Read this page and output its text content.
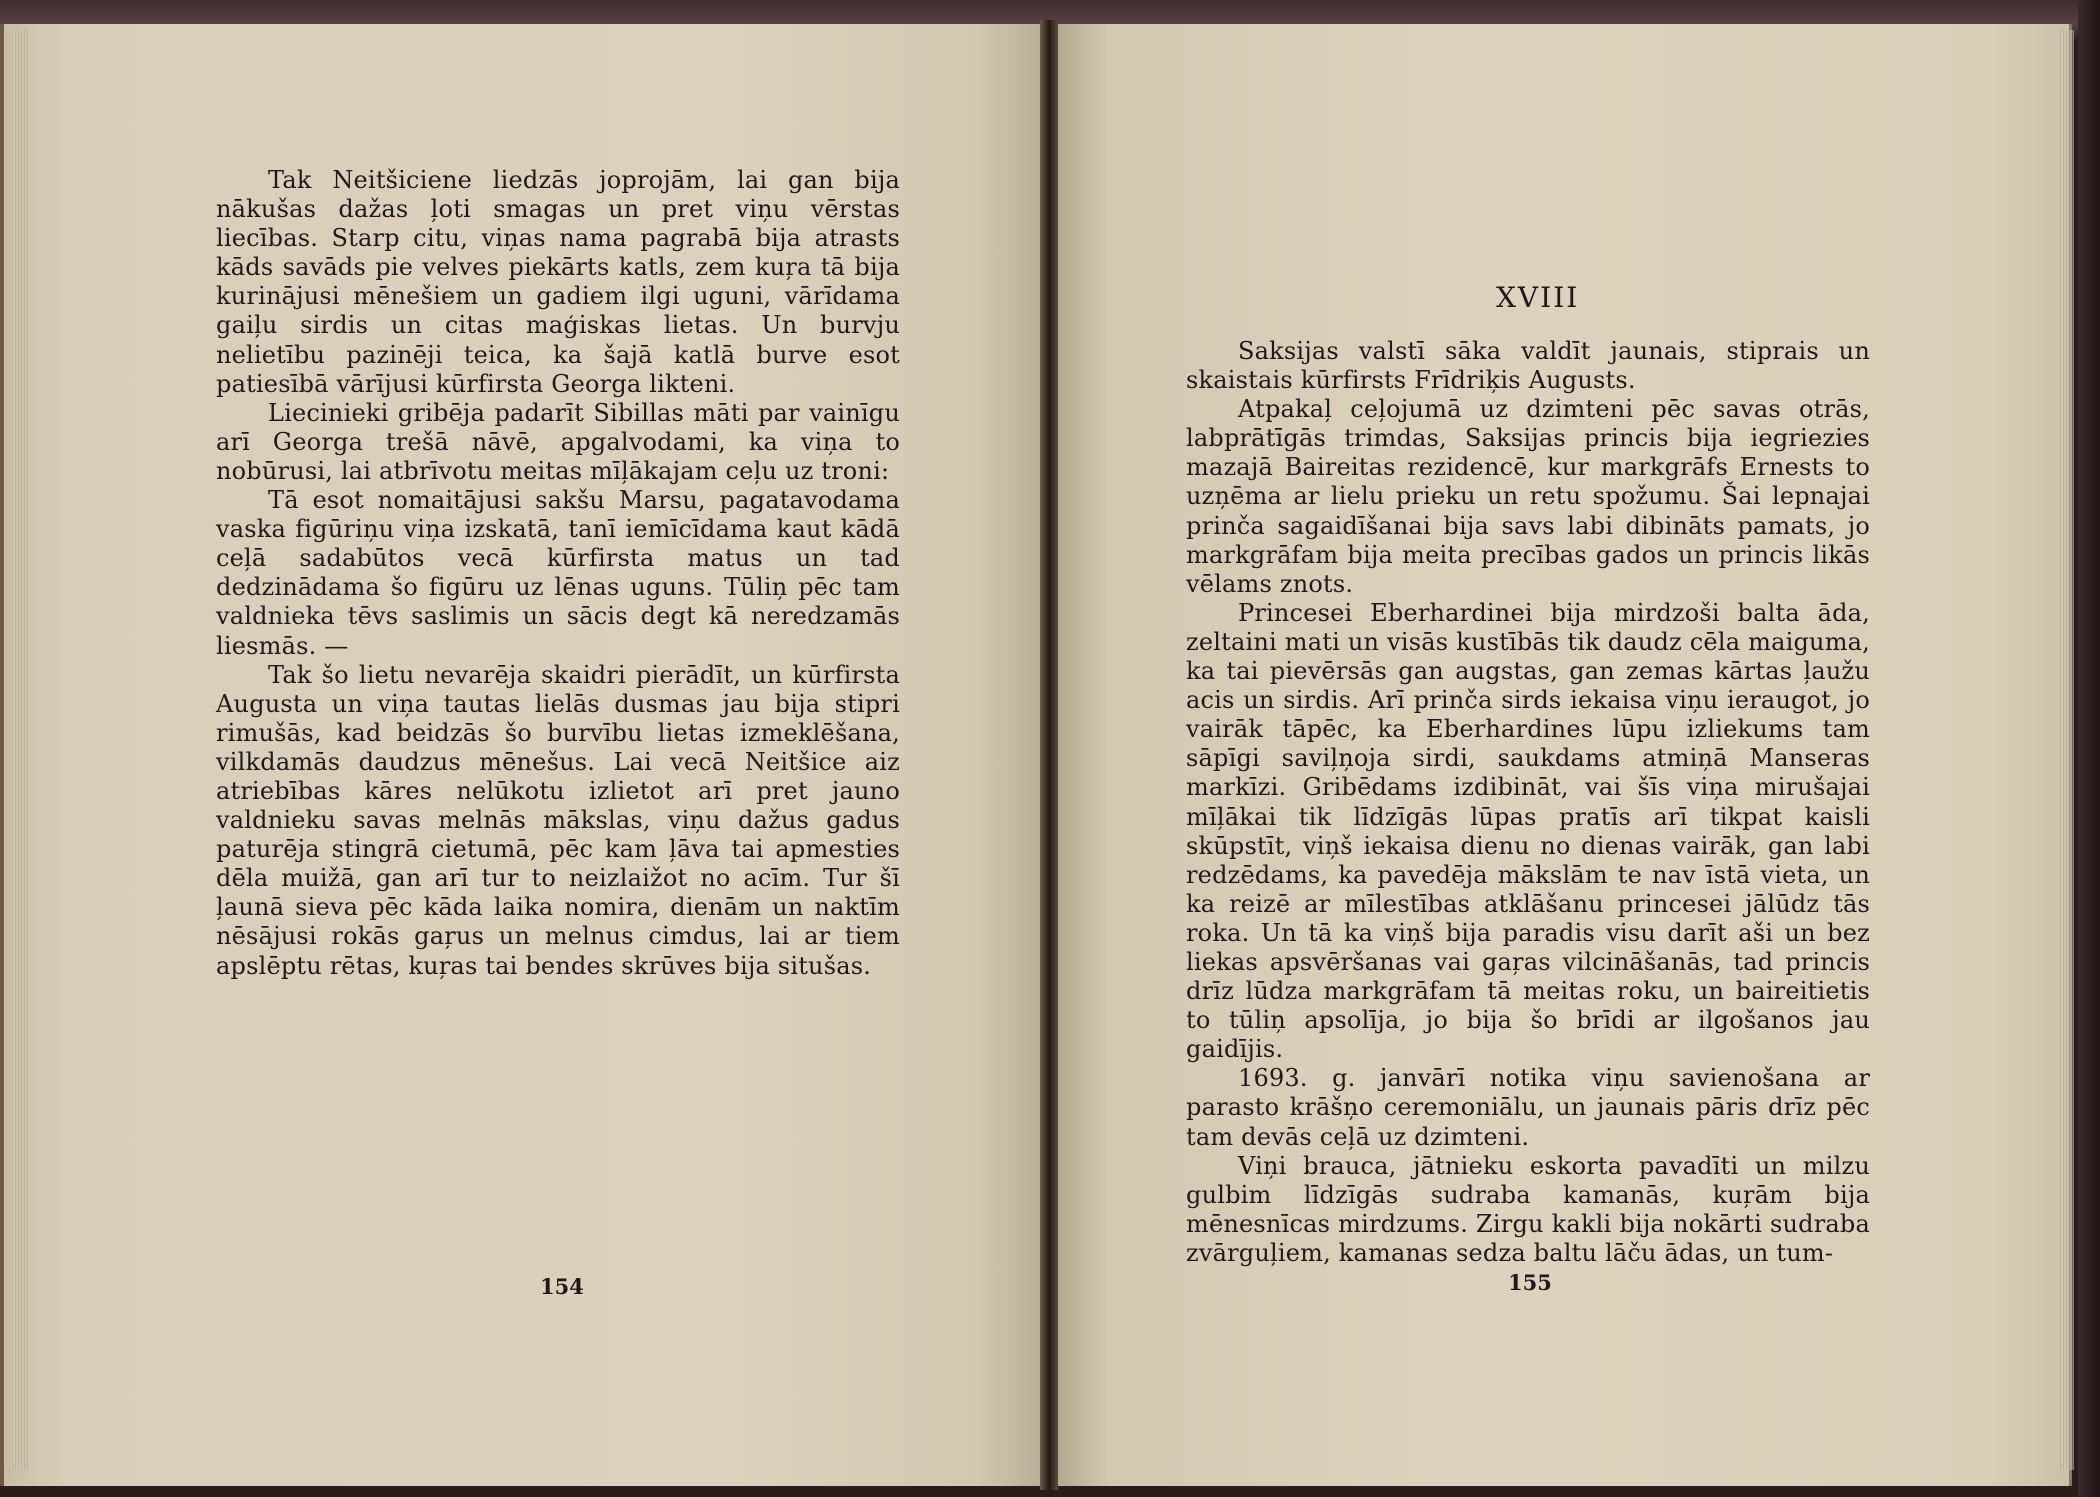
Tak Neitšiciene liedzās joprojām, lai gan bija nākušas dažas ļoti smagas un pret viņu vērstas liecības. Starp citu, viņas nama pagrabā bija atrasts kāds savāds pie velves piekārts katls, zem kuŗa tā bija kurinājusi mēnešiem un gadiem ilgi uguni, vārīdama gaiļu sirdis un citas maģiskas lietas. Un burvju nelietību pazinēji teica, ka šajā katlā burve esot patiesībā vārījusi kūrfirsta Georga likteni.

Liecinieki gribēja padarīt Sibillas māti par vainīgu arī Georga trešā nāvē, apgalvodami, ka viņa to nobūrusi, lai atbrīvotu meitas mīļākajam ceļu uz troni:

Tā esot nomaitājusi sakšu Marsu, pagatavodama vaska figūriņu viņa izskatā, tanī iemīcīdama kaut kādā ceļā sadabūtos vecā kūrfirsta matus un tad dedzinādama šo figūru uz lēnas uguns. Tūliņ pēc tam valdnieka tēvs saslimis un sācis degt kā neredzamās liesmās. —

Tak šo lietu nevarēja skaidri pierādīt, un kūrfirsta Augusta un viņa tautas lielās dusmas jau bija stipri rimušās, kad beidzās šo burvību lietas izmeklēšana, vilkdamās daudzus mēnešus. Lai vecā Neitšice aiz atriebības kāres nelūkotu izlietot arī pret jauno valdnieku savas melnās mākslas, viņu dažus gadus paturēja stingrā cietumā, pēc kam ļāva tai apmesties dēla muižā, gan arī tur to neizlaižot no acīm. Tur šī ļaunā sieva pēc kāda laika nomira, dienām un naktīm nēsājusi rokās gaŗus un melnus cimdus, lai ar tiem apslēptu rētas, kuŗas tai bendes skrūves bija situšas.

154
XVIII

Saksijas valstī sāka valdīt jaunais, stiprais un skaistais kūrfirsts Frīdriķis Augusts.

Atpakaļ ceļojumā uz dzimteni pēc savas otrās, labprātīgās trimdas, Saksijas princis bija iegriezies mazajā Baireitas rezidencē, kur markgrāfs Ernests to uzņēma ar lielu prieku un retu spožumu. Šai lepnajai prinča sagaidīšanai bija savs labi dibināts pamats, jo markgrāfam bija meita precības gados un princis likās vēlams znots.

Princesei Eberhardinei bija mirdzoši balta āda, zeltaini mati un visās kustībās tik daudz cēla maiguma, ka tai pievērsās gan augstas, gan zemas kārtas ļaužu acis un sirdis. Arī prinča sirds iekaisa viņu ieraugot, jo vairāk tāpēc, ka Eberhardines lūpu izliekums tam sāpīgi saviļņoja sirdi, saukdams atmiņā Manseras markīzi. Gribēdams izdibināt, vai šīs viņa mirušajai mīļākai tik līdzīgās lūpas pratīs arī tikpat kaisli skūpstīt, viņš iekaisa dienu no dienas vairāk, gan labi redzēdams, ka pavedēja mākslām te nav īstā vieta, un ka reizē ar mīlestības atklāšanu princesei jālūdz tās roka. Un tā ka viņš bija paradis visu darīt aši un bez liekas apsvēršanas vai gaŗas vilcināšanās, tad princis drīz lūdza markgrāfam tā meitas roku, un baireitietis to tūliņ apsolīja, jo bija šo brīdi ar ilgošanos jau gaidījis.

1693. g. janvārī notika viņu savienošana ar parasto krāšņo ceremoniālu, un jaunais pāris drīz pēc tam devās ceļā uz dzimteni.

Viņi brauca, jātnieku eskorta pavadīti un milzu gulbim līdzīgās sudraba kamanās, kuŗām bija mēnesnīcas mirdzums. Zirgu kakli bija nokārti sudraba zvārguļiem, kamanas sedza baltu lāču ādas, un tum-

155
